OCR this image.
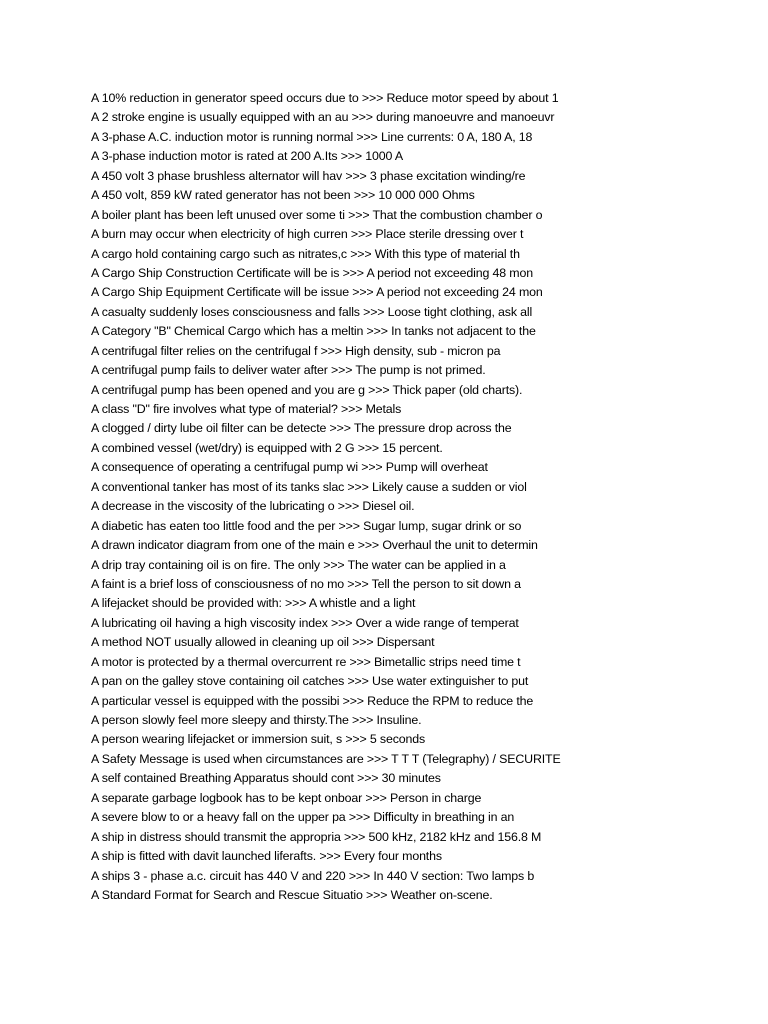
A 10% reduction in generator speed occurs due to >>> Reduce motor speed by about 1
A 2 stroke engine is usually equipped with an au >>> during manoeuvre and manoeuvr
A 3-phase A.C. induction motor is running normal >>> Line currents: 0 A, 180 A, 18
A 3-phase induction motor is rated at 200 A.Its >>> 1000 A
A 450 volt 3 phase brushless alternator will hav >>> 3 phase excitation winding/re
A 450 volt, 859 kW rated generator has not been >>> 10 000 000 Ohms
A boiler plant has been left unused over some ti >>> That the combustion chamber o
A burn may occur when electricity of high curren >>> Place sterile dressing over t
A cargo hold containing cargo such as nitrates,c >>> With this type of material th
A Cargo Ship Construction Certificate will be is >>> A period not exceeding 48 mon
A Cargo Ship Equipment Certificate will be issue >>> A period not exceeding 24 mon
A casualty suddenly loses consciousness and falls >>> Loose tight clothing, ask all
A Category "B" Chemical Cargo which has a meltin >>> In tanks not adjacent to the
A centrifugal filter relies on the centrifugal f >>> High density, sub - micron pa
A centrifugal pump fails to deliver water after >>> The pump is not primed.
A centrifugal pump has been opened and you are g >>> Thick paper (old charts).
A class "D" fire involves what type of material? >>> Metals
A clogged / dirty lube oil filter can be detecte >>> The pressure drop across the
A combined vessel (wet/dry) is equipped with 2 G >>> 15 percent.
A consequence of operating a centrifugal pump wi >>> Pump will overheat
A conventional tanker has most of its tanks slac >>> Likely cause a sudden or viol
A decrease in the viscosity of the lubricating o >>> Diesel oil.
A diabetic has eaten too little food and the per >>> Sugar lump, sugar drink or so
A drawn indicator diagram from one of the main e >>> Overhaul the unit to determin
A drip tray containing oil is on fire. The only >>> The water can be applied in a
A faint is a brief loss of consciousness of no mo >>> Tell the person to sit down a
A lifejacket should be provided with: >>> A whistle and a light
A lubricating oil having a high viscosity index >>> Over a wide range of temperat
A method NOT usually allowed in cleaning up oil >>> Dispersant
A motor is protected by a thermal overcurrent re >>> Bimetallic strips need time t
A pan on the galley stove containing oil catches >>> Use water extinguisher to put
A particular vessel is equipped with the possibi >>> Reduce the RPM to reduce the
A person slowly feel more sleepy and thirsty.The >>> Insuline.
A person wearing lifejacket or immersion suit, s >>> 5 seconds
A Safety Message is used when circumstances are >>> T T T (Telegraphy) / SECURITE
A self contained Breathing Apparatus should cont >>> 30 minutes
A separate garbage logbook has to be kept onboar >>> Person in charge
A severe blow to or a heavy fall on the upper pa >>> Difficulty in breathing in an
A ship in distress should transmit the appropria >>> 500 kHz, 2182 kHz and 156.8 M
A ship is fitted with davit launched liferafts. >>> Every four months
A ships 3 - phase a.c. circuit has 440 V and 220 >>> In 440 V section: Two lamps b
A Standard Format for Search and Rescue Situatio >>> Weather on-scene.
